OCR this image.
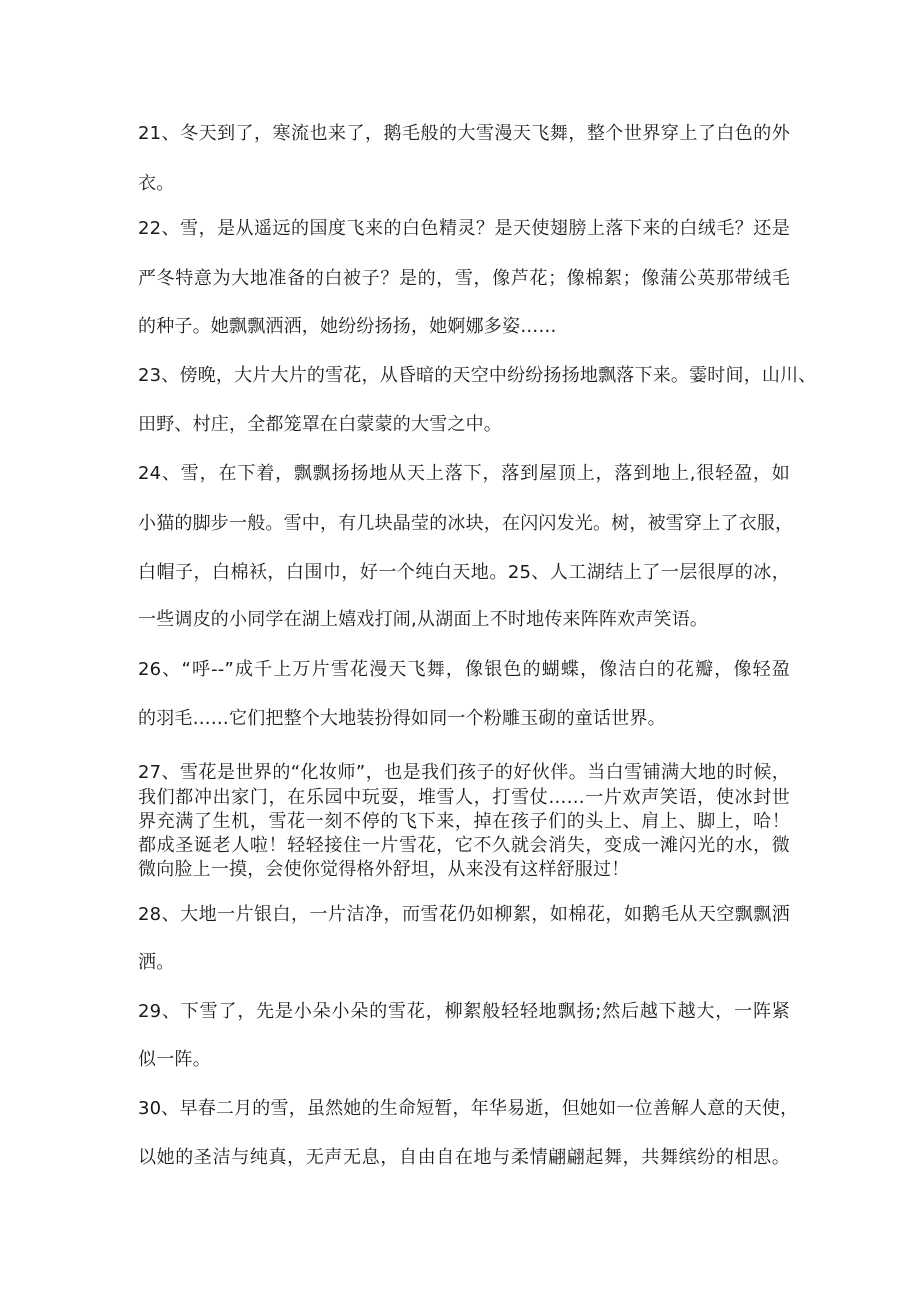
21、冬天到了，寒流也来了，鹅毛般的大雪漫天飞舞，整个世界穿上了白色的外

衣。

22、雪，是从遥远的国度飞来的白色精灵？是天使翅膀上落下来的白绒毛？还是

严冬特意为大地准备的白被子？是的，雪，像芦花；像棉絮；像蒲公英那带绒毛

的种子。她飘飘洒洒，她纷纷扬扬，她婀娜多姿……

23、傍晚，大片大片的雪花，从昏暗的天空中纷纷扬扬地飘落下来。霎时间，山川、

田野、村庄，全都笼罩在白蒙蒙的大雪之中。

24、雪，在下着，飘飘扬扬地从天上落下，落到屋顶上，落到地上,很轻盈，如

小猫的脚步一般。雪中，有几块晶莹的冰块，在闪闪发光。树，被雪穿上了衣服，

白帽子，白棉袄，白围巾，好一个纯白天地。25、人工湖结上了一层很厚的冰，

一些调皮的小同学在湖上嬉戏打闹,从湖面上不时地传来阵阵欢声笑语。

26、“呼--”成千上万片雪花漫天飞舞，像银色的蝴蝶，像洁白的花瓣，像轻盈

的羽毛……它们把整个大地装扮得如同一个粉雕玉砌的童话世界。

27、雪花是世界的“化妆师”，也是我们孩子的好伙伴。当白雪铺满大地的时候，

我们都冲出家门，在乐园中玩耍，堆雪人，打雪仗……一片欢声笑语，使冰封世

界充满了生机，雪花一刻不停的飞下来，掉在孩子们的头上、肩上、脚上，哈！

都成圣诞老人啦！轻轻接住一片雪花，它不久就会消失，变成一滩闪光的水，微

微向脸上一摸，会使你觉得格外舒坦，从来没有这样舒服过！

28、大地一片银白，一片洁净，而雪花仍如柳絮，如棉花，如鹅毛从天空飘飘洒

洒。

29、下雪了，先是小朵小朵的雪花，柳絮般轻轻地飘扬;然后越下越大，一阵紧

似一阵。

30、早春二月的雪，虽然她的生命短暂，年华易逝，但她如一位善解人意的天使，

以她的圣洁与纯真，无声无息，自由自在地与柔情翩翩起舞，共舞缤纷的相思。
